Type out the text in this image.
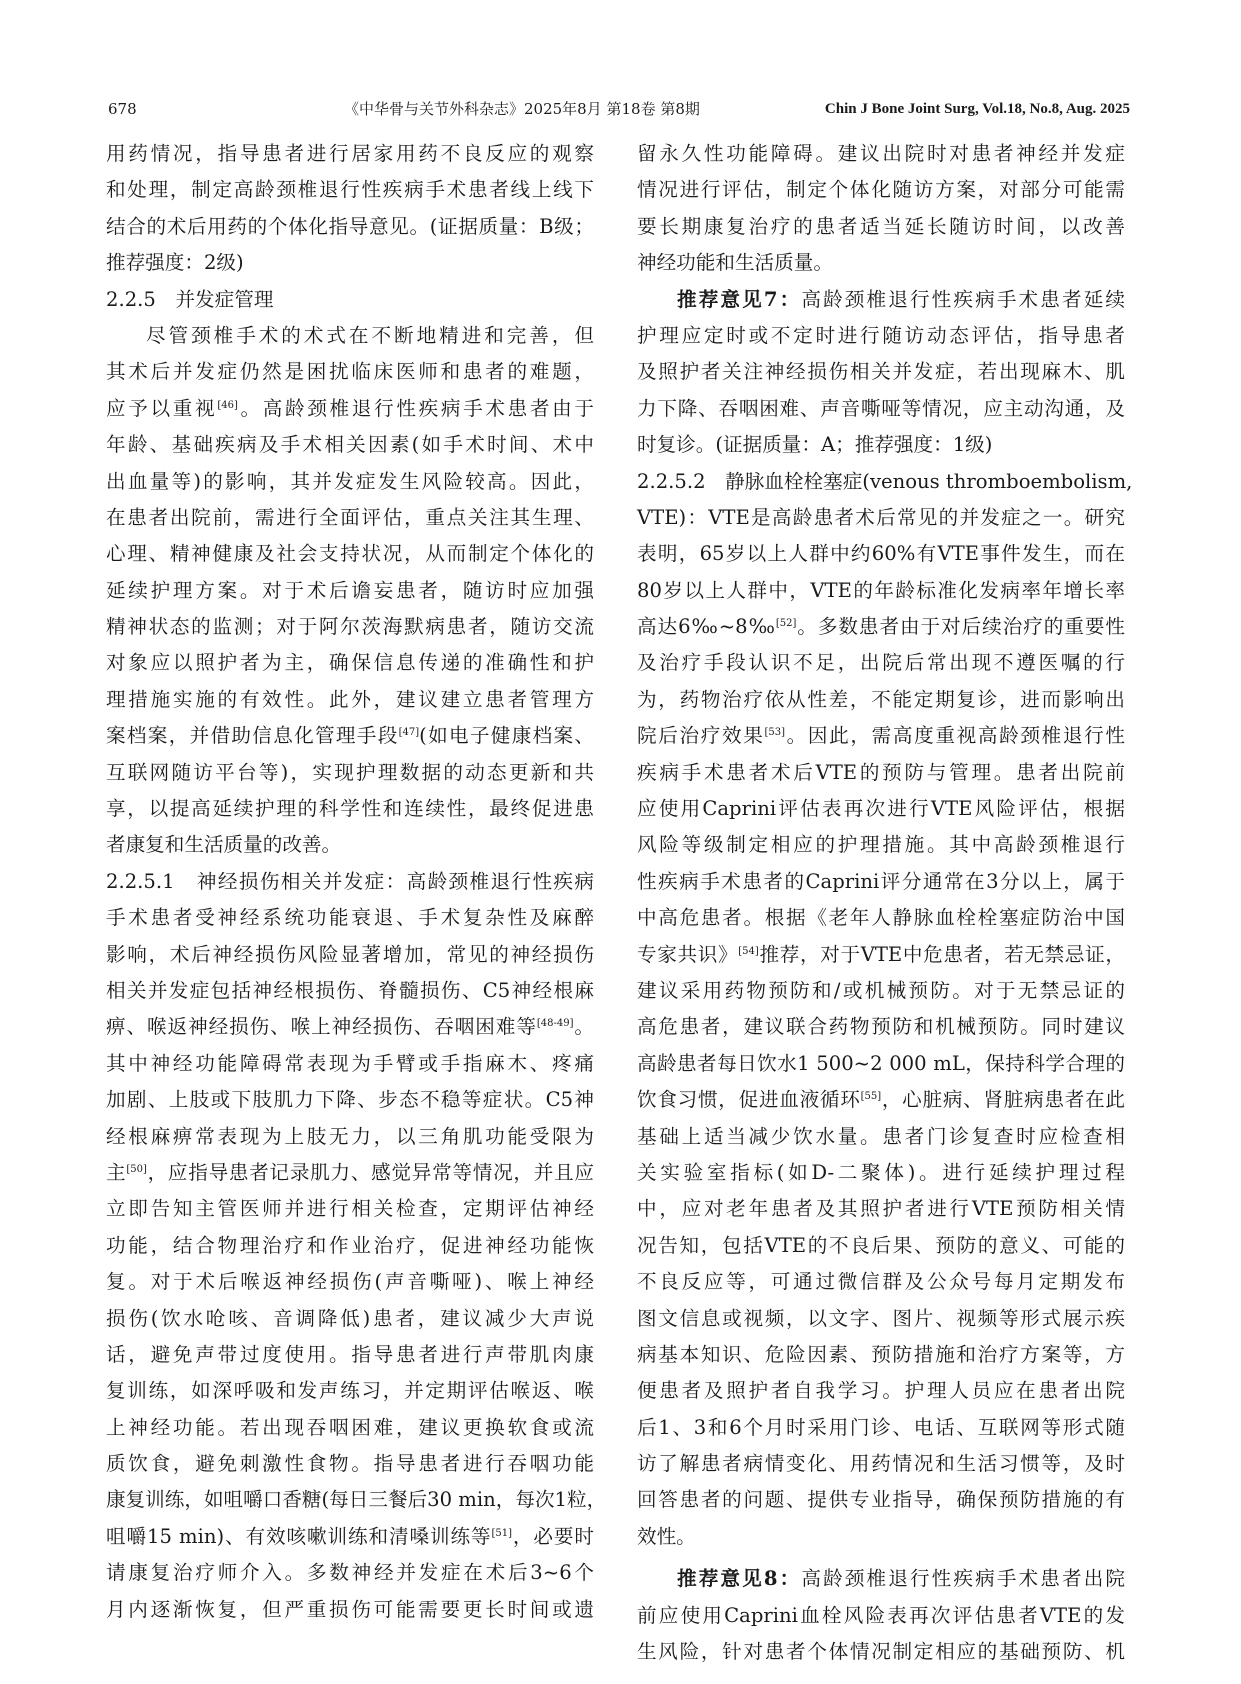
678	《中华骨与关节外科杂志》2025年8月 第18卷 第8期	Chin J Bone Joint Surg, Vol.18, No.8, Aug. 2025
用药情况，指导患者进行居家用药不良反应的观察
和处理，制定高龄颈椎退行性疾病手术患者线上线下
结合的术后用药的个体化指导意见。(证据质量：B级；
推荐强度：2级)
2.2.5　并发症管理
尽管颈椎手术的术式在不断地精进和完善，但
其术后并发症仍然是困扰临床医师和患者的难题，
应予以重视[46]。高龄颈椎退行性疾病手术患者由于
年龄、基础疾病及手术相关因素(如手术时间、术中
出血量等)的影响，其并发症发生风险较高。因此，
在患者出院前，需进行全面评估，重点关注其生理、
心理、精神健康及社会支持状况，从而制定个体化的
延续护理方案。对于术后谵妄患者，随访时应加强
精神状态的监测；对于阿尔茨海默病患者，随访交流
对象应以照护者为主，确保信息传递的准确性和护
理措施实施的有效性。此外，建议建立患者管理方
案档案，并借助信息化管理手段[47](如电子健康档案、
互联网随访平台等)，实现护理数据的动态更新和共
享，以提高延续护理的科学性和连续性，最终促进患
者康复和生活质量的改善。
2.2.5.1　神经损伤相关并发症：高龄颈椎退行性疾病
手术患者受神经系统功能衰退、手术复杂性及麻醉
影响，术后神经损伤风险显著增加，常见的神经损伤
相关并发症包括神经根损伤、脊髓损伤、C5神经根麻
痹、喉返神经损伤、喉上神经损伤、吞咽困难等[48-49]。
其中神经功能障碍常表现为手臂或手指麻木、疼痛
加剧、上肢或下肢肌力下降、步态不稳等症状。C5神
经根麻痹常表现为上肢无力，以三角肌功能受限为
主[50]，应指导患者记录肌力、感觉异常等情况，并且应
立即告知主管医师并进行相关检查，定期评估神经
功能，结合物理治疗和作业治疗，促进神经功能恢
复。对于术后喉返神经损伤(声音嘶哑)、喉上神经
损伤(饮水呛咳、音调降低)患者，建议减少大声说
话，避免声带过度使用。指导患者进行声带肌肉康
复训练，如深呼吸和发声练习，并定期评估喉返、喉
上神经功能。若出现吞咽困难，建议更换软食或流
质饮食，避免刺激性食物。指导患者进行吞咽功能
康复训练，如咀嚼口香糖(每日三餐后30 min，每次1粒，
咀嚼15 min)、有效咳嗽训练和清嗓训练等[51]，必要时
请康复治疗师介入。多数神经并发症在术后3~6个
月内逐渐恢复，但严重损伤可能需要更长时间或遗
留永久性功能障碍。建议出院时对患者神经并发症
情况进行评估，制定个体化随访方案，对部分可能需
要长期康复治疗的患者适当延长随访时间，以改善
神经功能和生活质量。
推荐意见7：高龄颈椎退行性疾病手术患者延续
护理应定时或不定时进行随访动态评估，指导患者
及照护者关注神经损伤相关并发症，若出现麻木、肌
力下降、吞咽困难、声音嘶哑等情况，应主动沟通，及
时复诊。(证据质量：A；推荐强度：1级)
2.2.5.2　静脉血栓栓塞症(venous thromboembolism,
VTE)：VTE是高龄患者术后常见的并发症之一。研究
表明，65岁以上人群中约60%有VTE事件发生，而在
80岁以上人群中，VTE的年龄标准化发病率年增长率
高达6‰~8‰[52]。多数患者由于对后续治疗的重要性
及治疗手段认识不足，出院后常出现不遵医嘱的行
为，药物治疗依从性差，不能定期复诊，进而影响出
院后治疗效果[53]。因此，需高度重视高龄颈椎退行性
疾病手术患者术后VTE的预防与管理。患者出院前
应使用Caprini评估表再次进行VTE风险评估，根据
风险等级制定相应的护理措施。其中高龄颈椎退行
性疾病手术患者的Caprini评分通常在3分以上，属于
中高危患者。根据《老年人静脉血栓栓塞症防治中国
专家共识》[54]推荐，对于VTE中危患者，若无禁忌证，
建议采用药物预防和/或机械预防。对于无禁忌证的
高危患者，建议联合药物预防和机械预防。同时建议
高龄患者每日饮水1 500~2 000 mL，保持科学合理的
饮食习惯，促进血液循环[55]，心脏病、肾脏病患者在此
基础上适当减少饮水量。患者门诊复查时应检查相
关实验室指标(如D-二聚体)。进行延续护理过程
中，应对老年患者及其照护者进行VTE预防相关情
况告知，包括VTE的不良后果、预防的意义、可能的
不良反应等，可通过微信群及公众号每月定期发布
图文信息或视频，以文字、图片、视频等形式展示疾
病基本知识、危险因素、预防措施和治疗方案等，方
便患者及照护者自我学习。护理人员应在患者出院
后1、3和6个月时采用门诊、电话、互联网等形式随
访了解患者病情变化、用药情况和生活习惯等，及时
回答患者的问题、提供专业指导，确保预防措施的有
效性。
推荐意见8：高龄颈椎退行性疾病手术患者出院
前应使用Caprini血栓风险表再次评估患者VTE的发
生风险，针对患者个体情况制定相应的基础预防、机
